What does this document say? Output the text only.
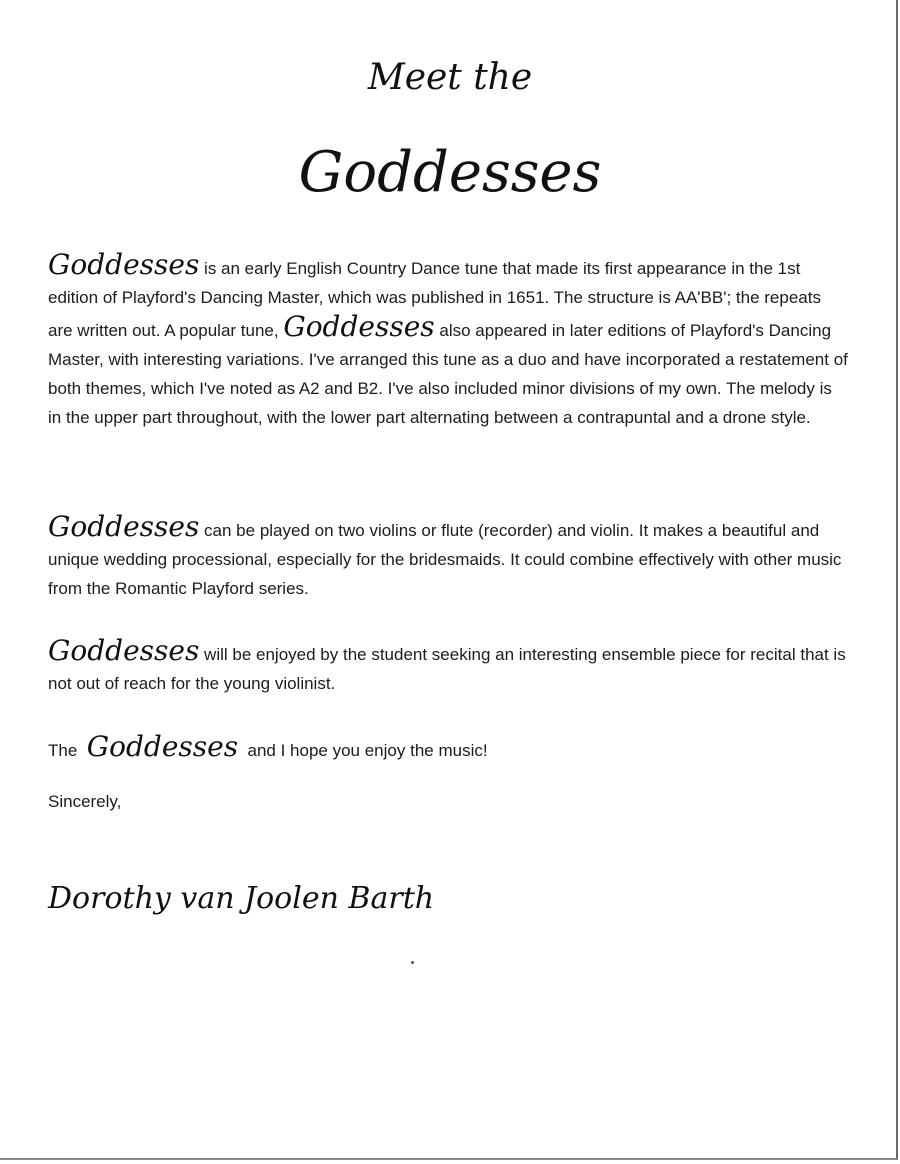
Meet the
Goddesses

Goddesses is an early English Country Dance tune that made its first appearance in the 1st edition of Playford's Dancing Master, which was published in 1651. The structure is AA'BB'; the repeats are written out. A popular tune, Goddesses also appeared in later editions of Playford's Dancing Master, with interesting variations. I've arranged this tune as a duo and have incorporated a restatement of both themes, which I've noted as A2 and B2. I've also included minor divisions of my own. The melody is in the upper part throughout, with the lower part alternating between a contrapuntal and a drone style.

Goddesses can be played on two violins or flute (recorder) and violin. It makes a beautiful and unique wedding processional, especially for the bridesmaids. It could combine effectively with other music from the Romantic Playford series.

Goddesses will be enjoyed by the student seeking an interesting ensemble piece for recital that is not out of reach for the young violinist.

The  Goddesses  and I hope you enjoy the music!

Sincerely,
Dorothy van Joolen Barth
